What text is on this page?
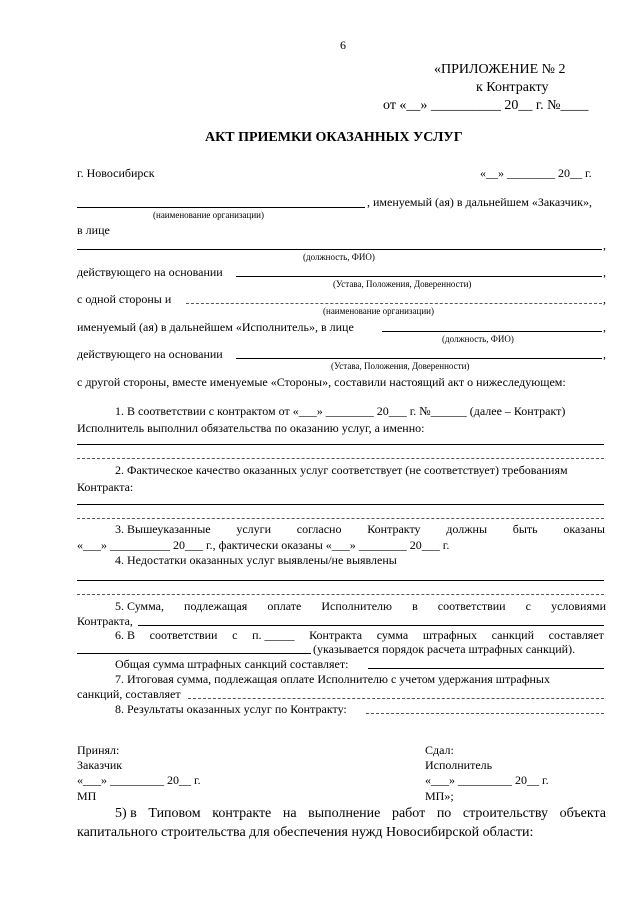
6
«ПРИЛОЖЕНИЕ № 2
к Контракту
от «__» __________ 20__ г. №____
АКТ ПРИЕМКИ ОКАЗАННЫХ УСЛУГ
г. Новосибирск	«__» ________ 20__ г.
, именуемый (ая) в дальнейшем «Заказчик»,
(наименование организации)
в лице
,
(должность, ФИО)
действующего на основании	,
(Устава, Положения, Доверенности)
с одной стороны и	,
(наименование организации)
именуемый (ая) в дальнейшем «Исполнитель», в лице	,
(должность, ФИО)
действующего на основании	,
(Устава, Положения, Доверенности)
с другой стороны, вместе именуемые «Стороны», составили настоящий акт о нижеследующем:
1. В соответствии с контрактом от «___» ________ 20___ г. №______ (далее – Контракт)
Исполнитель выполнил обязательства по оказанию услуг, а именно:
2. Фактическое качество оказанных услуг соответствует (не соответствует) требованиям
Контракта:
3. Вышеуказанные услуги согласно Контракту должны быть оказаны
«___» __________ 20___ г., фактически оказаны «___» ________ 20___ г.
4. Недостатки оказанных услуг выявлены/не выявлены
5. Сумма, подлежащая оплате Исполнителю в соответствии с условиями
Контракта,
6. В соответствии с п. _____ Контракта сумма штрафных санкций составляет
(указывается порядок расчета штрафных санкций).
Общая сумма штрафных санкций составляет:
7. Итоговая сумма, подлежащая оплате Исполнителю с учетом удержания штрафных
санкций, составляет
8. Результаты оказанных услуг по Контракту:
Принял:
Заказчик
«___» _________ 20__ г.
МП
Сдал:
Исполнитель
«___» _________ 20__ г.
МП»;
5) в Типовом контракте на выполнение работ по строительству объекта
капитального строительства для обеспечения нужд Новосибирской области:
